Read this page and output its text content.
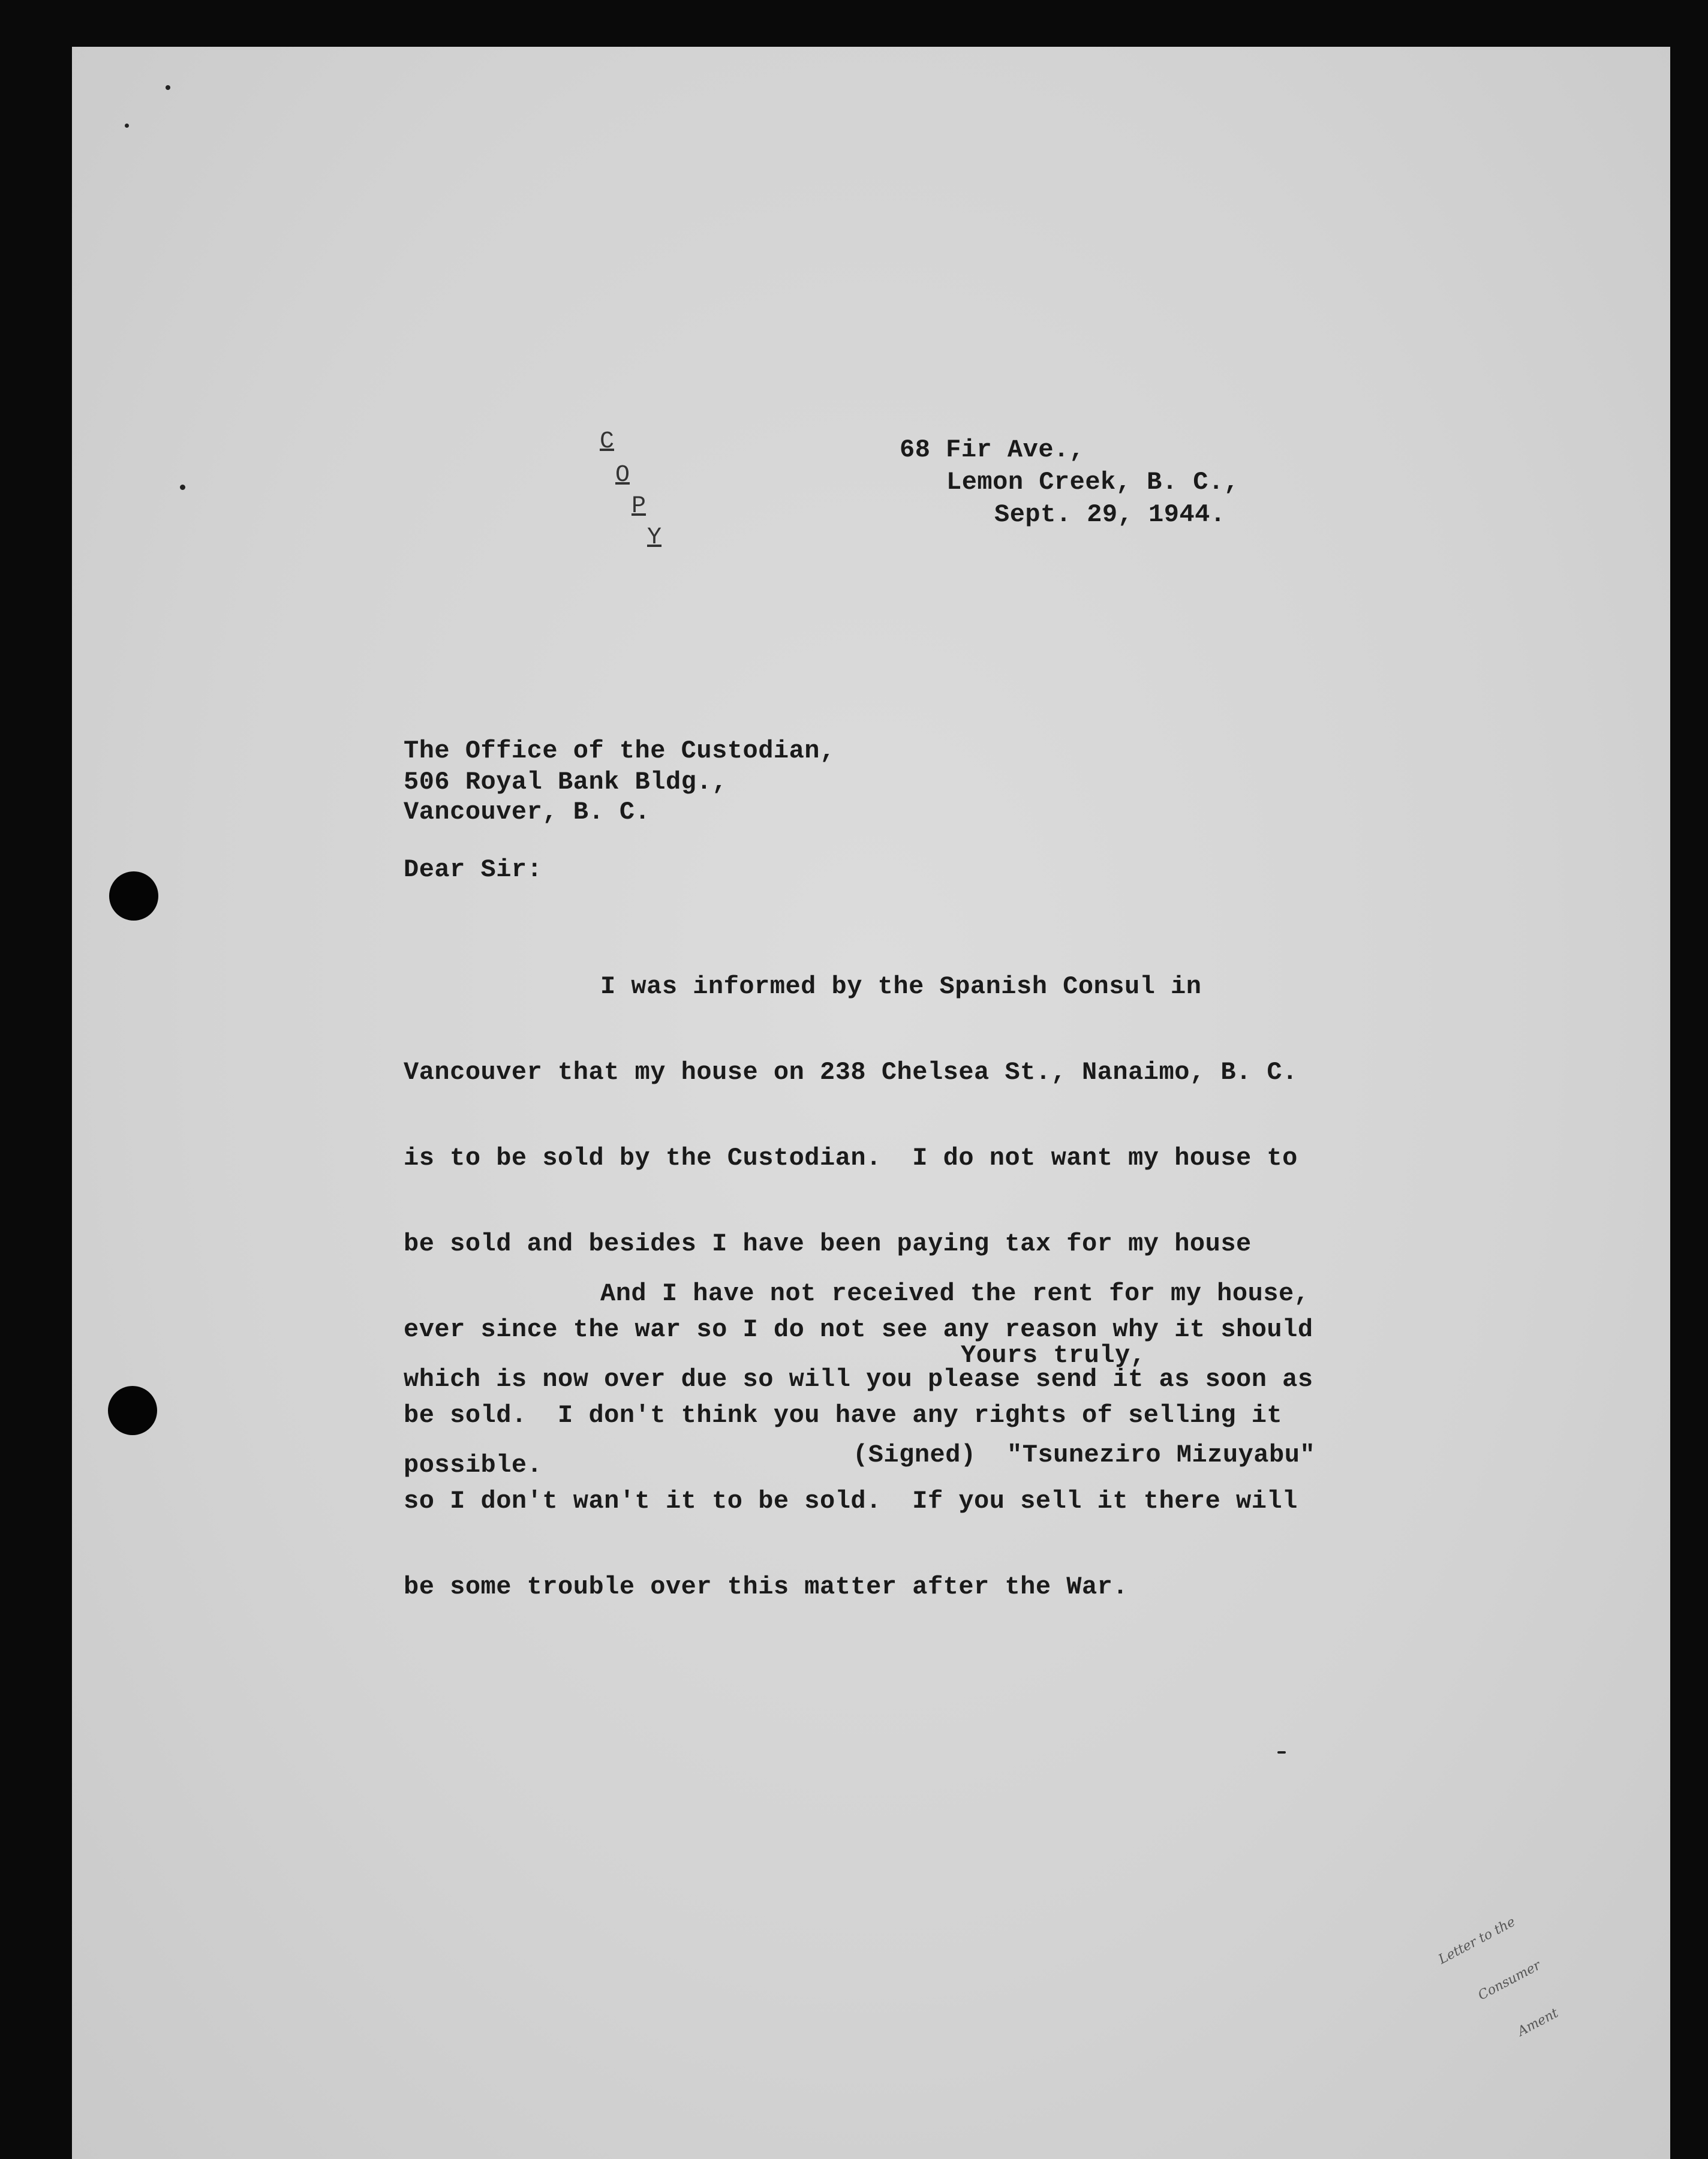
C
O
P
Y
68 Fir Ave.,
Lemon Creek, B. C.,
Sept. 29, 1944.
The Office of the Custodian,
506 Royal Bank Bldg.,
Vancouver, B. C.
Dear Sir:

I was informed by the Spanish Consul in

Vancouver that my house on 238 Chelsea St., Nanaimo, B. C.

is to be sold by the Custodian.  I do not want my house to

be sold and besides I have been paying tax for my house

ever since the war so I do not see any reason why it should

be sold.  I don't think you have any rights of selling it

so I don't wan't it to be sold.  If you sell it there will

be some trouble over this matter after the War.

And I have not received the rent for my house,

which is now over due so will you please send it as soon as

possible.

Yours truly,
(Signed)  "Tsuneziro Mizuyabu"

Letter to the

Consumer

Ament
